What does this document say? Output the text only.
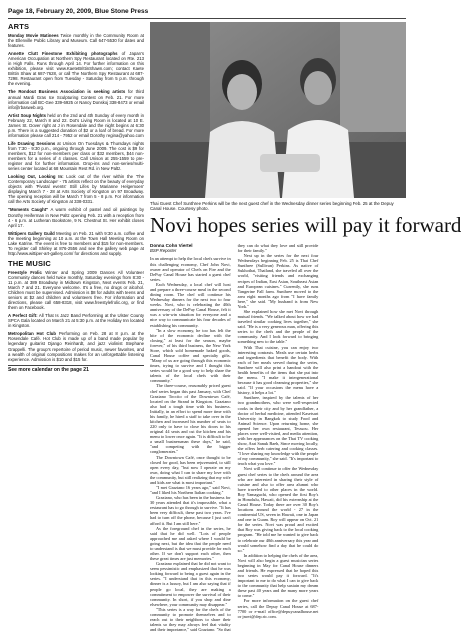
Page 18, February 20, 2009, Blue Stone Press
ARTS
Monday Movie Matinees Twice monthly in the Community Room at the Ellenville Public Library and Museum. Call 647-5530 for dates and features.
Annette Clutt Finestone Exhibiting photographs of Japan's American Occupation at Northern Spy Restaurant located on Rte. 213 in High Falls. Runs through April 14. For further information on this exhibition, please visit www.KaeteBrittinShawn.com; contact Kaete Brittin Shaw at 687-7628, or call The Northern Spy Restaurant at 687-7298. Restaurant open from Tuesday - Saturday from 5 p.m. through the evening.
The Rondout Business Association is seeking artists for third annual Mardi Gras Ice Sculpturing Contest on Feb. 21. For more information call BC-Gee 339-6925 or Nancy Donskoj 338-8473 or email info@rbasweb.org.
Artist Soup Nights held on the 2nd and 4th Sunday of every month in February 22, March 8 and 22. Dot's Living Room is located at 10 E. James St. Dover right at J in Rosendale and the night begins at 6:30 p.m. There is a suggested donation of $2 or a loaf of bread. For more information please call 214 - 7952 or email Dorothy regina@yahoo.com
Life Drawing Sessions at Unison On Tuesdays & Thursdays nights from 7:30 - 9:30 p.m., ongoing through June 2009. The cost is $9 for members, $12 for non-members per class or $32 members, $44 non-members for a series of 4 classes. Call Unison at 255-1559 to pre-register and for further information. Drop-ins and non-series/multi-series center located at 68 Mountain Rest Rd. in New Paltz.
Looking Out, Looking In: Look out of the river within the 'The Contemporary Landscape' - 75 artists reflect on the beauty of everyday objects with 'Pivotal events' Still Lifes by Marianne Helgemoen' displaying March 7 - 28 at Arts Society of Kingston on 97 Broadway. The opening reception will be March 7 from 5 - 8 p.m. For information call the Arts Society of Kingston at 338-0331.
"Moments Caught" A warm exhibit of pastel and oil paintings by Dorothy Heiferman in New Paltz opening Feb. 21 with a reception from 4 - 6 p.m. at Lutheran Bookstore, 9 N. Chestnut St. Her exhibit closes April 17.
Wittipers Gallery Guild Meeting on Feb. 21 with 9:30 a.m. coffee and the meeting beginning at 10 a.m. at the Town Hall Meeting Room on Lake Katrine. The event is free to members and $15 for non-members. To register call Shirley at 876-2556 and see the gallery web page at http://www.wittiper-art-gallery.com/ for directions and supply.
THE MUSIC
Freestyle Frolic Winter and Spring 2009 Dances All Volunteer Community dances held twice monthly, Saturday evenings from 8:30 - 11 p.m. at 389 Broadway in Midtown Kingston, Next events Feb. 21, March 7 and 21. Everyone welcome. It's a free, no drugs or alcohol. Children must be supervised. Admission is $8 for adults with teens and seniors at $2 and children and volunteers free. For information and directions, please call 658-8318, visit www.freestylefrolic.org, or find them on Facebook.
A Perfect Gift: All That Is Jazz Band Performing at the Ulster County SPCA Gala located on March 21 at 5:30 p.m. at the Holiday Inn located in Kingston.
Metropolitan Hot Club Performing on Feb. 28 at 8 p.m. at the Rosendale Café. Hot Club is made up of a band made popular by legendary guitarist Django Reinhardt, and jazz violinist Stephane Grappelli. The group's repertoire of period music, newer favorites, and a wealth of original compositions makes for an unforgettable listening experience. Admission is $10 and $15 for.
See more calendar on the page 21
Thai Guest Chef Sunthree Perkins will be the next guest chef in the Wednesday dinner series beginning Feb. 25 at the Depuy Canal House. Courtesy photo.
Novi hopes series will pay it forward
Donna Cohn Viertel
BSP Reporter

In an attempt to help the local chefs survive in this challenging economy, Chef John Novi, owner and operator of Chefs on Fire and the DePuy Canal House has started a guest chef series.

Each Wednesday, a local chef will host and prepare a three-course meal in the second dining room. The chef will continue his Wednesday dinners for the next two to four weeks. Novi, who is celebrating the 40th anniversary of the DePuy Canal House, felt it was a win-win situation for everyone and a nice way to communicate his four decades of establishing his community.

"In a slow economy, he too has felt the bite of the economic decline with the closing," at least for the season, maybe forever," of his third business, the New York Store, which sold homemade baked goods, Canal House coffee and specialty gifts. "Many of us are going through this economic times, trying to survive and I thought this series would be a good way to help share the talents of the local chefs with their community."

The three-course, reasonably priced guest chef series began this past January, with Chef Graziano Toccito of the Downtown Café, located on the Strand in Kingston. Graziano also had a tough time with his business. Initially, in an effort to spend more time with his family, he hired a staff to take over in the kitchen and increased his number of seats to 220 only to have to close his doors to his original 44 seats and cut the kitchen and his menu to lower once again. "It is difficult to be a small businessman these days," he said, "and competing with the bigger conglomerates."

The Downtown Café, once thought to be closed for good, has been rejuvenated, to still open every day, "but now I operate on my own, doing what I can to share my love with the community, but still realizing that my wife and kids are what is most important."

"I met Graziano 16 years ago," said Novi, "and I liked his Northern Italian cooking."

Graziano, who has been in the business for 30 years attended that it's impossible, what a restaurant has to go through to survive. "It has been very difficult, these past two years. I've had to turn off the phone, because I just can't afford it. But I am still here."

As the foreground chef in the series, he said that he did well. "Lots of people approached me and asked where I would be going next, but the idea that the people need to understand is that we must provide for each other. If we don't support each other, then these great times are just memories."

Graziano explained that he did not want to seem pessimistic and emphasized that he was looking forward to being a guest again in the series. "I understand that in this economy, dinner is a luxury, but I am also saying that if people go local, they are making a commitment to empower the survival of their community. In short, if you shop and dine elsewhere, your community may disappear."

"This series is a way for the chefs of the community to promote themselves and to reach out to their neighbors to share their talents so they may always feel that vitality and their importance," said Graziano. "So that they can do what they love and still provide for their family."

Next up in the series for the next four Wednesdays beginning Feb. 25 is Thai Chef Sunthree (Sullivan) Perkins. As native of Sukhothai, Thailand, she traveled all over the world, "visiting friends and exchanging recipes of Indian, East Asian, Southeast Asian and European cuisines." Currently, she runs Tangerine Fall farm. Sunthree moved to the area eight months ago from "I have family here," she said. "My husband is from New York."

She explained how she met Novi through mutual friends. "We talked about how we had traveled similar cooking lives together," she said. "He is a very generous man, offering this series to the chefs and the people of the community. And I look forward to bringing something new to the table."

With Thai cuisine, you can enjoy two interesting contrasts. Meals use certain herbs and ingredients that benefit the body. With each of her meals served during the series, Sunthree will also print a handout with the health benefits of the items that she put into the menu. "I make it intergenerational because it has good cleansing properties," she said. "If your occasions the menu have a history, it helps a lot."

Sunthree, inspired by the talents of her two grandmothers, who were well-respected cooks in their city and by her grandfather, a doctor of herbal medicine, attended Kasetsart University in Bangkok to study Food and Animal Science. Upon returning home, she opened her own restaurant, Tesssou. Her places were well-visited, and media attention, with her appearances on the Thai TV cooking show, Arai Sanuk Baeh, Since moving locally, she offers herb catering and cooking classes. "I love sharing my knowledge with the people of my community," she said. "It's important to teach what you love."

Novi will continue to offer the Wednesday guest chef series to the chefs around the area who are interested in sharing their style of cuisine and also to offer area alumni who have traveled to other places in the world. Roy Yamaguchi, who opened the first Roy's in Honolulu, Hawaii, did his externship at the Canal House. Today there are over 30 Roy's locations around the world - 27 in the continental US, seven in Hawaii, one in Japan and one in Guam. Roy will appear on Oct. 21 for the series. Novi was proud and excited that Roy was giving back to the local cooking program. "He told me he wanted to give back to celebrate our 40th anniversary this year and would somehow find a day that he could do so."

In addition to helping the chefs of the area, Novi will also begin a guest musician series beginning in May for Canal House dinners and friends. He expressed that he hoped this two series would pay it forward. "It's important to me to do what I can to give back to the community that help sustain my dream these past 40 years and the many more years to come."

For more information on the guest chef series, call the Depuy Canal House at 687-7700 or e-mail office@depuycanalhouse.net or jnovi@dep.ric.com.
